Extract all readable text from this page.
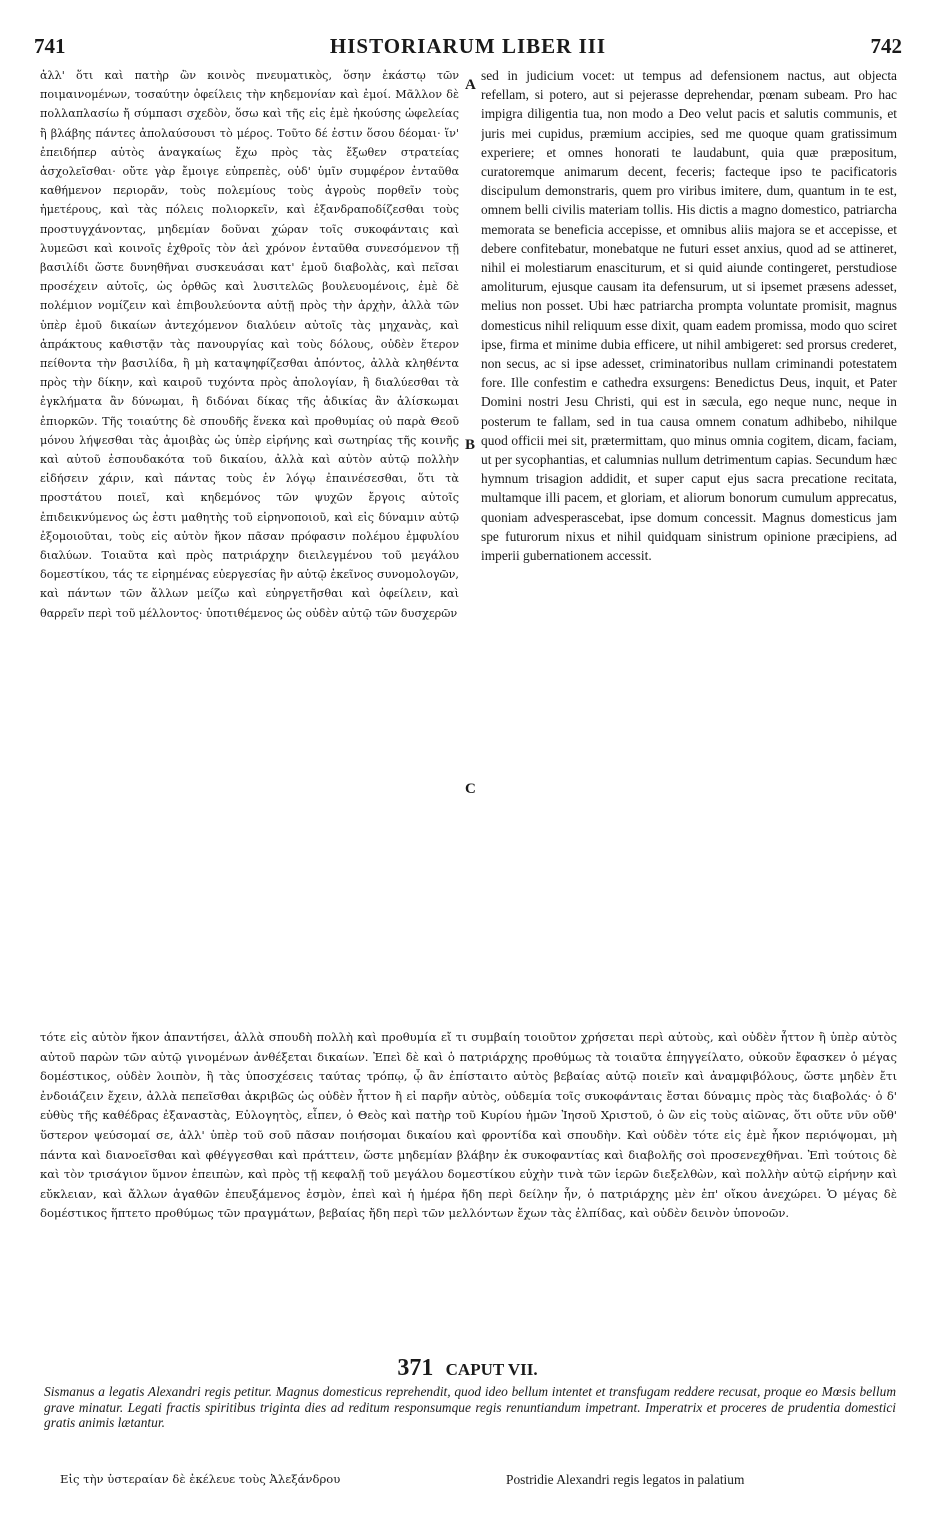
741	HISTORIARUM LIBER III	742
ἀλλ' ὅτι καὶ πατὴρ ὢν κοινὸς πνευματικὸς, ὅσην ἑκάστῳ τῶν ποιμαινομένων, τοσαύτην ὀφείλεις τὴν κηδεμονίαν καὶ ἐμοί. Μᾶλλον δὲ πολλαπλασίω ἤ σύμπασι σχεδὸν, ὅσω καὶ τῆς εἰς ἐμὲ ἠκούσης ὠφελείας ἢ βλάβης πάντες ἀπολαύσουσι τὸ μέρος. Τοῦτο δέ ἐστιν ὅσου δέομαι· ἵν' ἐπειδήπερ αὐτὸς ἀναγκαίως ἔχω πρὸς τὰς ἔξωθεν στρατείας ἀσχολεῖσθαι· οὔτε γὰρ ἔμοιγε εὐπρεπὲς, οὐδ' ὑμῖν συμφέρον ἐνταῦθα καθήμενον περιορᾶν, τοὺς πολεμίους τοὺς ἀγροὺς πορθεῖν τοὺς ἡμετέρους, καὶ τὰς πόλεις πολιορκεῖν, καὶ ἐξανδραποδίζεσθαι τοὺς προστυγχάνοντας, μηδεμίαν δοῦναι χώραν τοῖς συκοφάνταις καὶ λυμεῶσι καὶ κοινοῖς ἐχθροῖς τὸν ἀεὶ χρόνον ἐνταῦθα συνεσόμενον τῇ βασιλίδι ὥστε δυνηθῆναι συσκευάσαι κατ' ἐμοῦ διαβολὰς, καὶ πεῖσαι προσέχειν αὐτοῖς, ὡς ὀρθῶς καὶ λυσιτελῶς βουλευομένοις, ἐμὲ δὲ πολέμιον νομίζειν καὶ ἐπιβουλεύοντα αὐτῇ πρὸς τὴν ἀρχὴν, ἀλλὰ τῶν ὑπὲρ ἐμοῦ δικαίων ἀντεχόμενον διαλύειν αὐτοῖς τὰς μηχανὰς, καὶ ἀπράκτους καθιστᾷν τὰς πανουργίας καὶ τοὺς δόλους, οὐδὲν ἕτερον πείθοντα τὴν βασιλίδα, ἢ μὴ καταψηφίζεσθαι ἀπόντος, ἀλλὰ κληθέντα πρὸς τὴν δίκην, καὶ καιροῦ τυχόντα πρὸς ἀπολογίαν, ἢ διαλύεσθαι τὰ ἐγκλήματα ἂν δύνωμαι, ἢ διδόναι δίκας τῆς ἀδικίας ἂν ἁλίσκωμαι ἐπιορκῶν. Τῆς τοιαύτης δὲ σπουδῆς ἕνεκα καὶ προθυμίας οὐ παρὰ Θεοῦ μόνου λήψεσθαι τὰς ἀμοιβὰς ὡς ὑπὲρ εἰρήνης καὶ σωτηρίας τῆς κοινῆς καὶ αὐτοῦ ἐσπουδακότα τοῦ δικαίου, ἀλλὰ καὶ αὐτὸν αὐτῷ πολλὴν εἰδήσειν χάριν, καὶ πάντας τοὺς ἐν λόγῳ ἐπαινέσεσθαι, ὅτι τὰ προστάτου ποιεῖ, καὶ κηδεμόνος τῶν ψυχῶν ἔργοις αὐτοῖς ἐπιδεικνύμενος ὡς ἐστι μαθητὴς τοῦ εἰρηνοποιοῦ, καὶ εἰς δύναμιν αὐτῷ ἐξομοιοῦται, τοὺς εἰς αὐτὸν ἥκον πᾶσαν πρόφασιν πολέμου ἐμφυλίου διαλύων. Τοιαῦτα καὶ πρὸς πατριάρχην διειλεγμένου τοῦ μεγάλου δομεστίκου, τάς τε εἰρημένας εὐεργεσίας ἣν αὐτῷ ἐκεῖνος συνομολογῶν, καὶ πάντων τῶν ἄλλων μείζω καὶ εὐηργετῆσθαι καὶ ὀφείλειν, καὶ θαρρεῖν περὶ τοῦ μέλλοντος· ὑποτιθέμενος ὡς οὐδὲν αὐτῷ τῶν δυσχερῶν
A
B
C
sed in judicium vocet: ut tempus ad defensionem nactus, aut objecta refellam, si potero, aut si pejerasse deprehendar, pœnam subeam. Pro hac impigra diligentia tua, non modo a Deo velut pacis et salutis communis, et juris mei cupidus, præmium accipies, sed me quoque quam gratissimum experiere; et omnes honorati te laudabunt, quia quæ præpositum, curatoremque animarum decent, feceris; facteque ipso te pacificatoris discipulum demonstraris, quem pro viribus imitere, dum, quantum in te est, omnem belli civilis materiam tollis. His dictis a magno domestico, patriarcha memorata se beneficia accepisse, et omnibus aliis majora se et accepisse, et debere confitebatur, monebatque ne futuri esset anxius, quod ad se attineret, nihil ei molestiarum enasciturum, et si quid aiunde contingeret, perstudiose amoliturum, ejusque causam ita defensurum, ut si ipsemet præsens adesset, melius non posset. Ubi hæc patriarcha prompta voluntate promisit, magnus domesticus nihil reliquum esse dixit, quam eadem promissa, modo quo sciret ipse, firma et minime dubia efficere, ut nihil ambigeret: sed prorsus crederet, non secus, ac si ipse adesset, criminatoribus nullam criminandi potestatem fore. Ille confestim e cathedra exsurgens: Benedictus Deus, inquit, et Pater Domini nostri Jesu Christi, qui est in sæcula, ego neque nunc, neque in posterum te fallam, sed in tua causa omnem conatum adhibebo, nihilque quod officii mei sit, prætermittam, quo minus omnia cogitem, dicam, faciam, ut per sycophantias, et calumnias nullum detrimentum capias. Secundum hæc hymnum trisagion addidit, et super caput ejus sacra precatione recitata, multamque illi pacem, et gloriam, et aliorum bonorum cumulum apprecatus, quoniam advesperascebat, ipse domum concessit. Magnus domesticus jam spe futurorum nixus et nihil quidquam sinistrum opinione præcipiens, ad imperii gubernationem accessit.
τότε εἰς αὐτὸν ἥκον ἀπαντήσει, ἀλλὰ σπουδὴ πολλὴ καὶ προθυμία εἴ τι συμβαίη τοιοῦτον χρήσεται περὶ αὐτοὺς, καὶ οὐδὲν ἧττον ἢ ὑπὲρ αὐτὸς αὐτοῦ παρὼν τῶν αὐτῷ γινομένων ἀνθέξεται δικαίων. Ἐπεὶ δὲ καὶ ὁ πατριάρχης προθύμως τὰ τοιαῦτα ἐπηγγείλατο, οὐκοῦν ἔφασκεν ὁ μέγας δομέστικος, οὐδὲν λοιπὸν, ἢ τὰς ὑποσχέσεις ταύτας τρόπῳ, ᾧ ἂν ἐπίσταιτο αὐτὸς βεβαίας αὐτῷ ποιεῖν καὶ ἀναμφιβόλους, ὥστε μηδὲν ἔτι ἐνδοιάζειν ἔχειν, ἀλλὰ πεπεῖσθαι ἀκριβῶς ὡς οὐδὲν ἧττον ἢ εἰ παρῆν αὐτὸς, οὐδεμία τοῖς συκοφάνταις ἔσται δύναμις πρὸς τὰς διαβολάς· ὁ δ' εὐθὺς τῆς καθέδρας ἐξαναστὰς, Εὐλογητὸς, εἶπεν, ὁ Θεὸς καὶ πατὴρ τοῦ Κυρίου ἡμῶν Ἰησοῦ Χριστοῦ, ὁ ὢν εἰς τοὺς αἰῶνας, ὅτι οὔτε νῦν οὔθ' ὕστερον ψεύσομαί σε, ἀλλ' ὑπὲρ τοῦ σοῦ πᾶσαν ποιήσομαι δικαίου καὶ φροντίδα καὶ σπουδὴν. Καὶ οὐδὲν τότε εἰς ἐμὲ ἧκον περιόψομαι, μὴ πάντα καὶ διανοεῖσθαι καὶ φθέγγεσθαι καὶ πράττειν, ὥστε μηδεμίαν βλάβην ἐκ συκοφαντίας καὶ διαβολῆς σοὶ προσενεχθῆναι. Ἐπὶ τούτοις δὲ καὶ τὸν τρισάγιον ὕμνον ἐπειπὼν, καὶ πρὸς τῇ κεφαλῇ τοῦ μεγάλου δομεστίκου εὐχὴν τινὰ τῶν ἱερῶν διεξελθὼν, καὶ πολλὴν αὐτῷ εἰρήνην καὶ εὔκλειαν, καὶ ἄλλων ἀγαθῶν ἐπευξάμενος ἐσμὸν, ἐπεὶ καὶ ἡ ἡμέρα ἤδη περὶ δείλην ἦν, ὁ πατριάρχης μὲν ἐπ' οἴκου ἀνεχώρει. Ὁ μέγας δὲ δομέστικος ἥπτετο προθύμως τῶν πραγμάτων, βεβαίας ἤδη περὶ τῶν μελλόντων ἔχων τὰς ἐλπίδας, καὶ οὐδὲν δεινὸν ὑπονοῶν.
371 CAPUT VII.
Sismanus a legatis Alexandri regis petitur. Magnus domesticus reprehendit, quod ideo bellum intentet et transfugam reddere recusat, proque eo Mœsis bellum grave minatur. Legati fractis spiritibus triginta dies ad reditum responsumque regis renuntiandum impetrant. Imperatrix et proceres de prudentia domestici gratis animis lætantur.
Εἰς τὴν ὑστεραίαν δὲ ἐκέλευε τοὺς Ἀλεξάνδρου	Postridie Alexandri regis legatos in palatium
